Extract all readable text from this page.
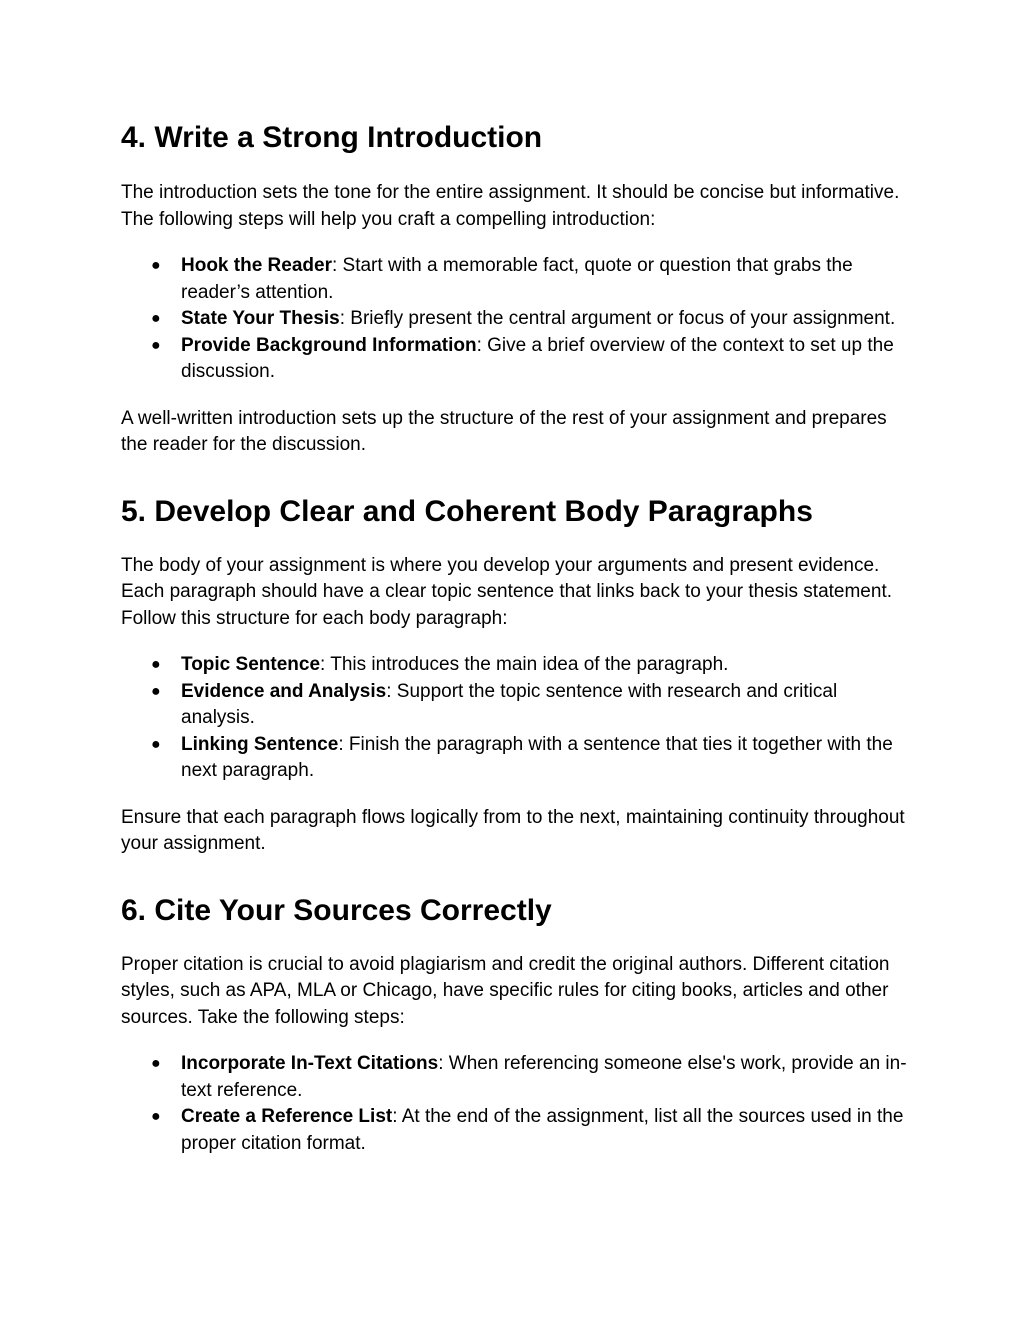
4. Write a Strong Introduction

The introduction sets the tone for the entire assignment. It should be concise but informative. The following steps will help you craft a compelling introduction:

● Hook the Reader: Start with a memorable fact, quote or question that grabs the reader’s attention.
● State Your Thesis: Briefly present the central argument or focus of your assignment.
● Provide Background Information: Give a brief overview of the context to set up the discussion.

A well-written introduction sets up the structure of the rest of your assignment and prepares the reader for the discussion.

5. Develop Clear and Coherent Body Paragraphs

The body of your assignment is where you develop your arguments and present evidence. Each paragraph should have a clear topic sentence that links back to your thesis statement. Follow this structure for each body paragraph:

● Topic Sentence: This introduces the main idea of the paragraph.
● Evidence and Analysis: Support the topic sentence with research and critical analysis.
● Linking Sentence: Finish the paragraph with a sentence that ties it together with the next paragraph.

Ensure that each paragraph flows logically from to the next, maintaining continuity throughout your assignment.

6. Cite Your Sources Correctly

Proper citation is crucial to avoid plagiarism and credit the original authors. Different citation styles, such as APA, MLA or Chicago, have specific rules for citing books, articles and other sources. Take the following steps:

● Incorporate In-Text Citations: When referencing someone else's work, provide an in-text reference.
● Create a Reference List: At the end of the assignment, list all the sources used in the proper citation format.
